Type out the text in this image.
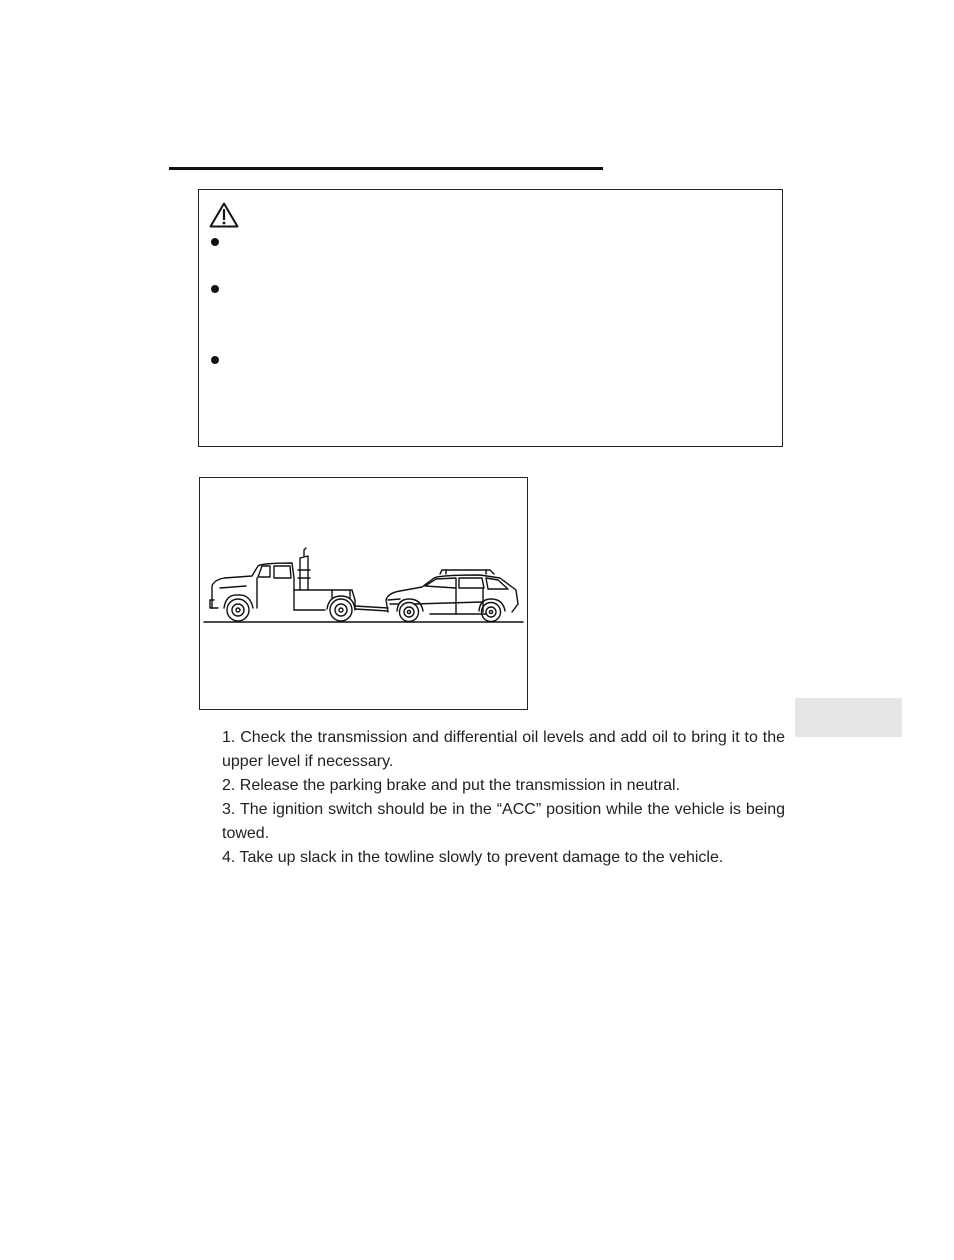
1. Check the transmission and differential oil levels and add oil to bring it to the upper level if necessary.

2. Release the parking brake and put the transmission in neutral.

3. The ignition switch should be in the “ACC” position while the vehicle is being towed.

4. Take up slack in the towline slowly to prevent damage to the vehicle.
